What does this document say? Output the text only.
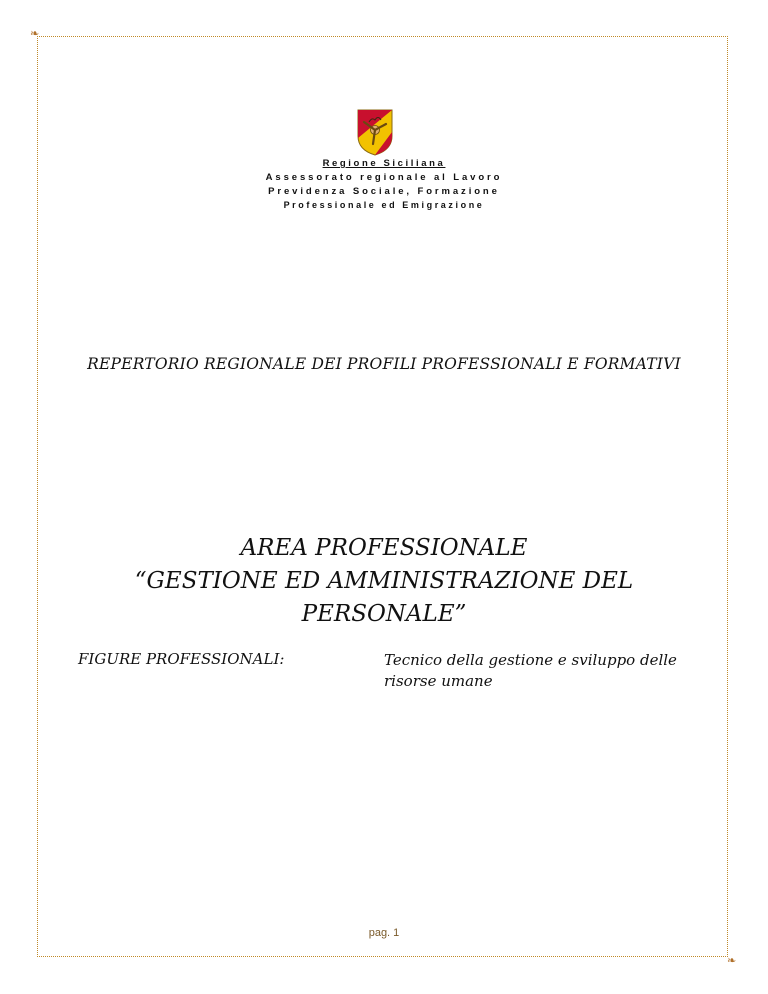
❧
❧
Regione Siciliana
Assessorato regionale al Lavoro
Previdenza Sociale, Formazione
Professionale ed Emigrazione
REPERTORIO REGIONALE DEI PROFILI PROFESSIONALI E FORMATIVI
AREA PROFESSIONALE
“GESTIONE ED AMMINISTRAZIONE DEL PERSONALE”
FIGURE PROFESSIONALI:	Tecnico della gestione e sviluppo delle risorse umane
pag. 1
